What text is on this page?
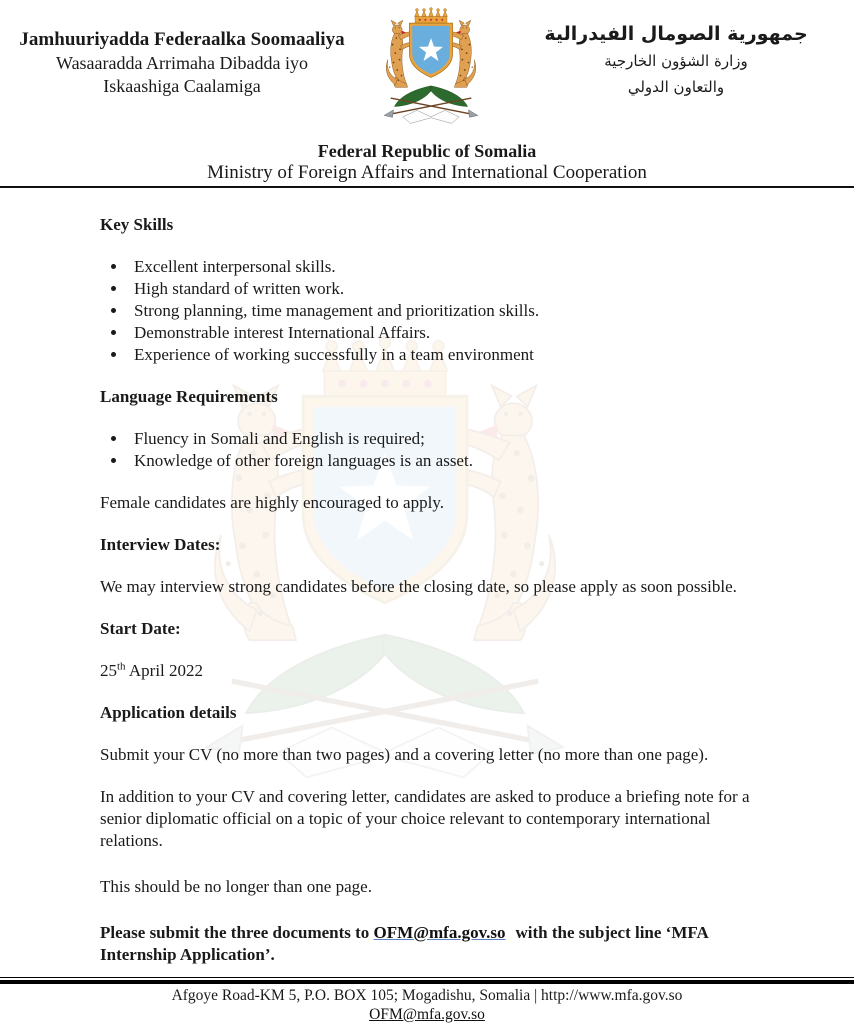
Jamhuuriyadda Federaalka Soomaaliya
Wasaaradda Arrimaha Dibadda iyo
Iskaashiga Caalamiga
جمهورية الصومال الفيدرالية
وزارة الشؤون الخارجية
والتعاون الدولي
Federal Republic of Somalia
Ministry of Foreign Affairs and International Cooperation

Key Skills

• Excellent interpersonal skills.
• High standard of written work.
• Strong planning, time management and prioritization skills.
• Demonstrable interest International Affairs.
• Experience of working successfully in a team environment

Language Requirements

• Fluency in Somali and English is required;
• Knowledge of other foreign languages is an asset.

Female candidates are highly encouraged to apply.

Interview Dates:

We may interview strong candidates before the closing date, so please apply as soon possible.

Start Date:

25th April 2022

Application details

Submit your CV (no more than two pages) and a covering letter (no more than one page).

In addition to your CV and covering letter, candidates are asked to produce a briefing note for a senior diplomatic official on a topic of your choice relevant to contemporary international relations.

This should be no longer than one page.

Please submit the three documents to OFM@mfa.gov.so with the subject line ‘MFA Internship Application’.

Afgoye Road-KM 5, P.O. BOX 105; Mogadishu, Somalia | http://www.mfa.gov.so
OFM@mfa.gov.so
